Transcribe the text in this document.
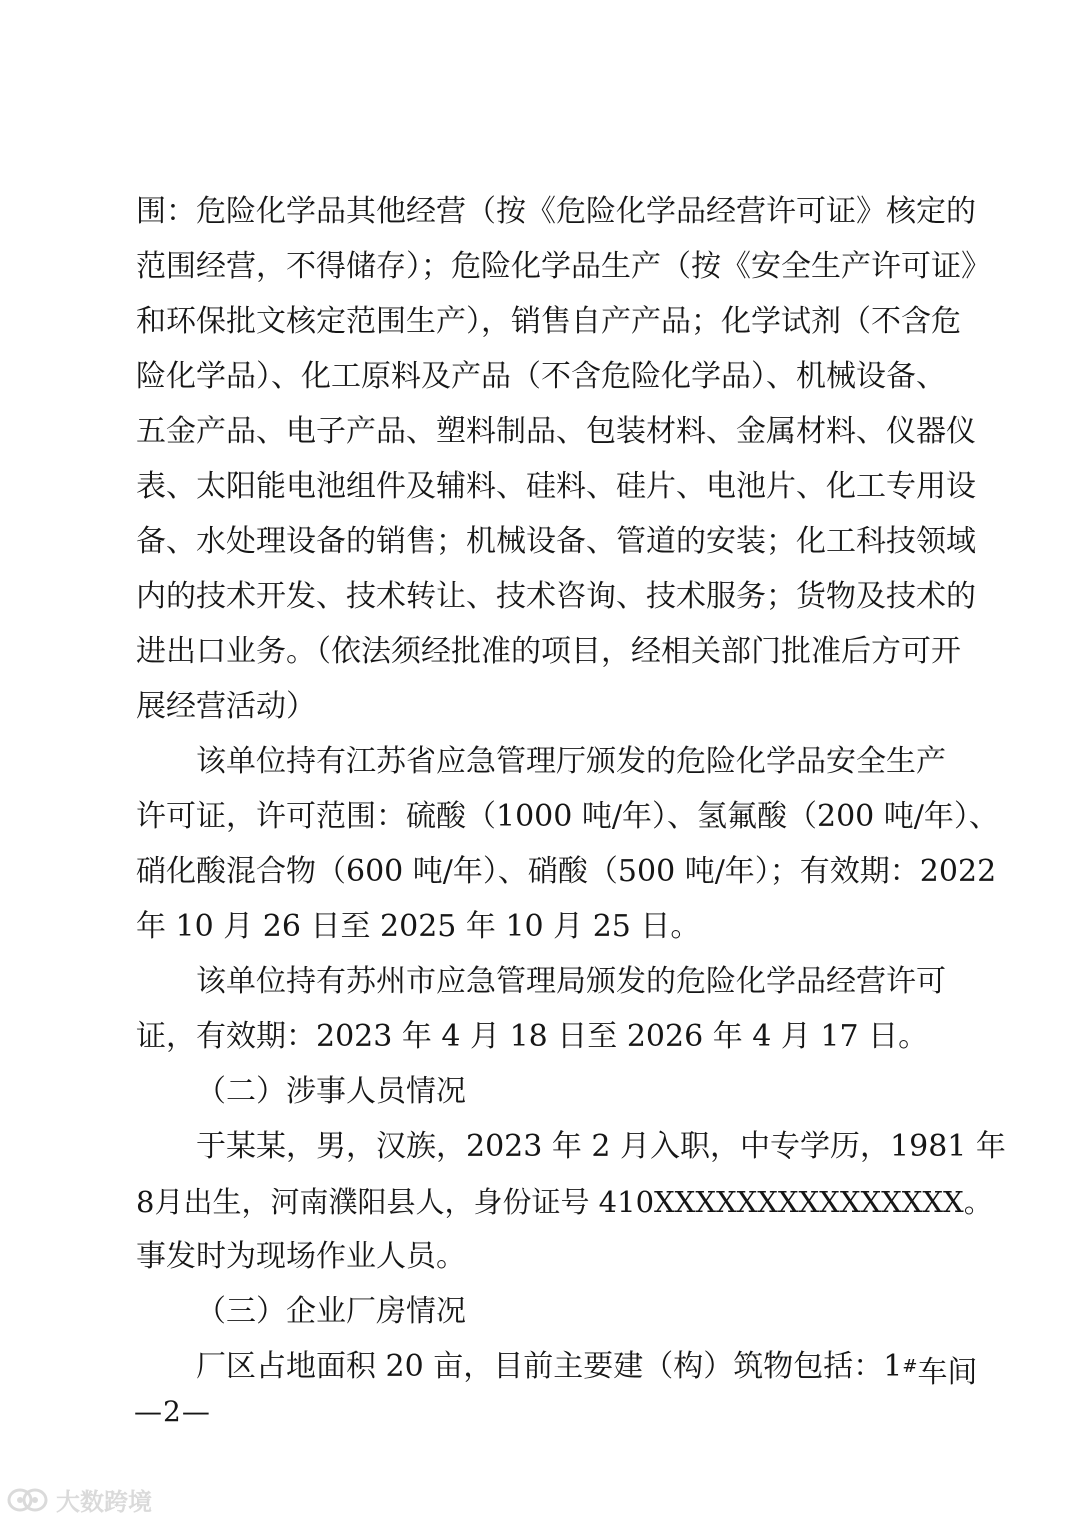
围：危险化学品其他经营（按《危险化学品经营许可证》核定的
范围经营，不得储存）；危险化学品生产（按《安全生产许可证》
和环保批文核定范围生产），销售自产产品；化学试剂（不含危
险化学品）、化工原料及产品（不含危险化学品）、机械设备、
五金产品、电子产品、塑料制品、包装材料、金属材料、仪器仪
表、太阳能电池组件及辅料、硅料、硅片、电池片、化工专用设
备、水处理设备的销售；机械设备、管道的安装；化工科技领域
内的技术开发、技术转让、技术咨询、技术服务；货物及技术的
进出口业务。（依法须经批准的项目，经相关部门批准后方可开
展经营活动）
该单位持有江苏省应急管理厅颁发的危险化学品安全生产
许可证，许可范围：硫酸（1000 吨/年）、氢氟酸（200 吨/年）、
硝化酸混合物（600 吨/年）、硝酸（500 吨/年）；有效期：2022
年 10 月 26 日至 2025 年 10 月 25 日。
该单位持有苏州市应急管理局颁发的危险化学品经营许可
证，有效期：2023 年 4 月 18 日至 2026 年 4 月 17 日。
（二）涉事人员情况
于某某，男，汉族，2023 年 2 月入职，中专学历，1981 年
8月出生，河南濮阳县人，身份证号 410XXXXXXXXXXXXXXX。
事发时为现场作业人员。
（三）企业厂房情况
厂区占地面积 20 亩，目前主要建（构）筑物包括：1 #车间
—2—
大数跨境
